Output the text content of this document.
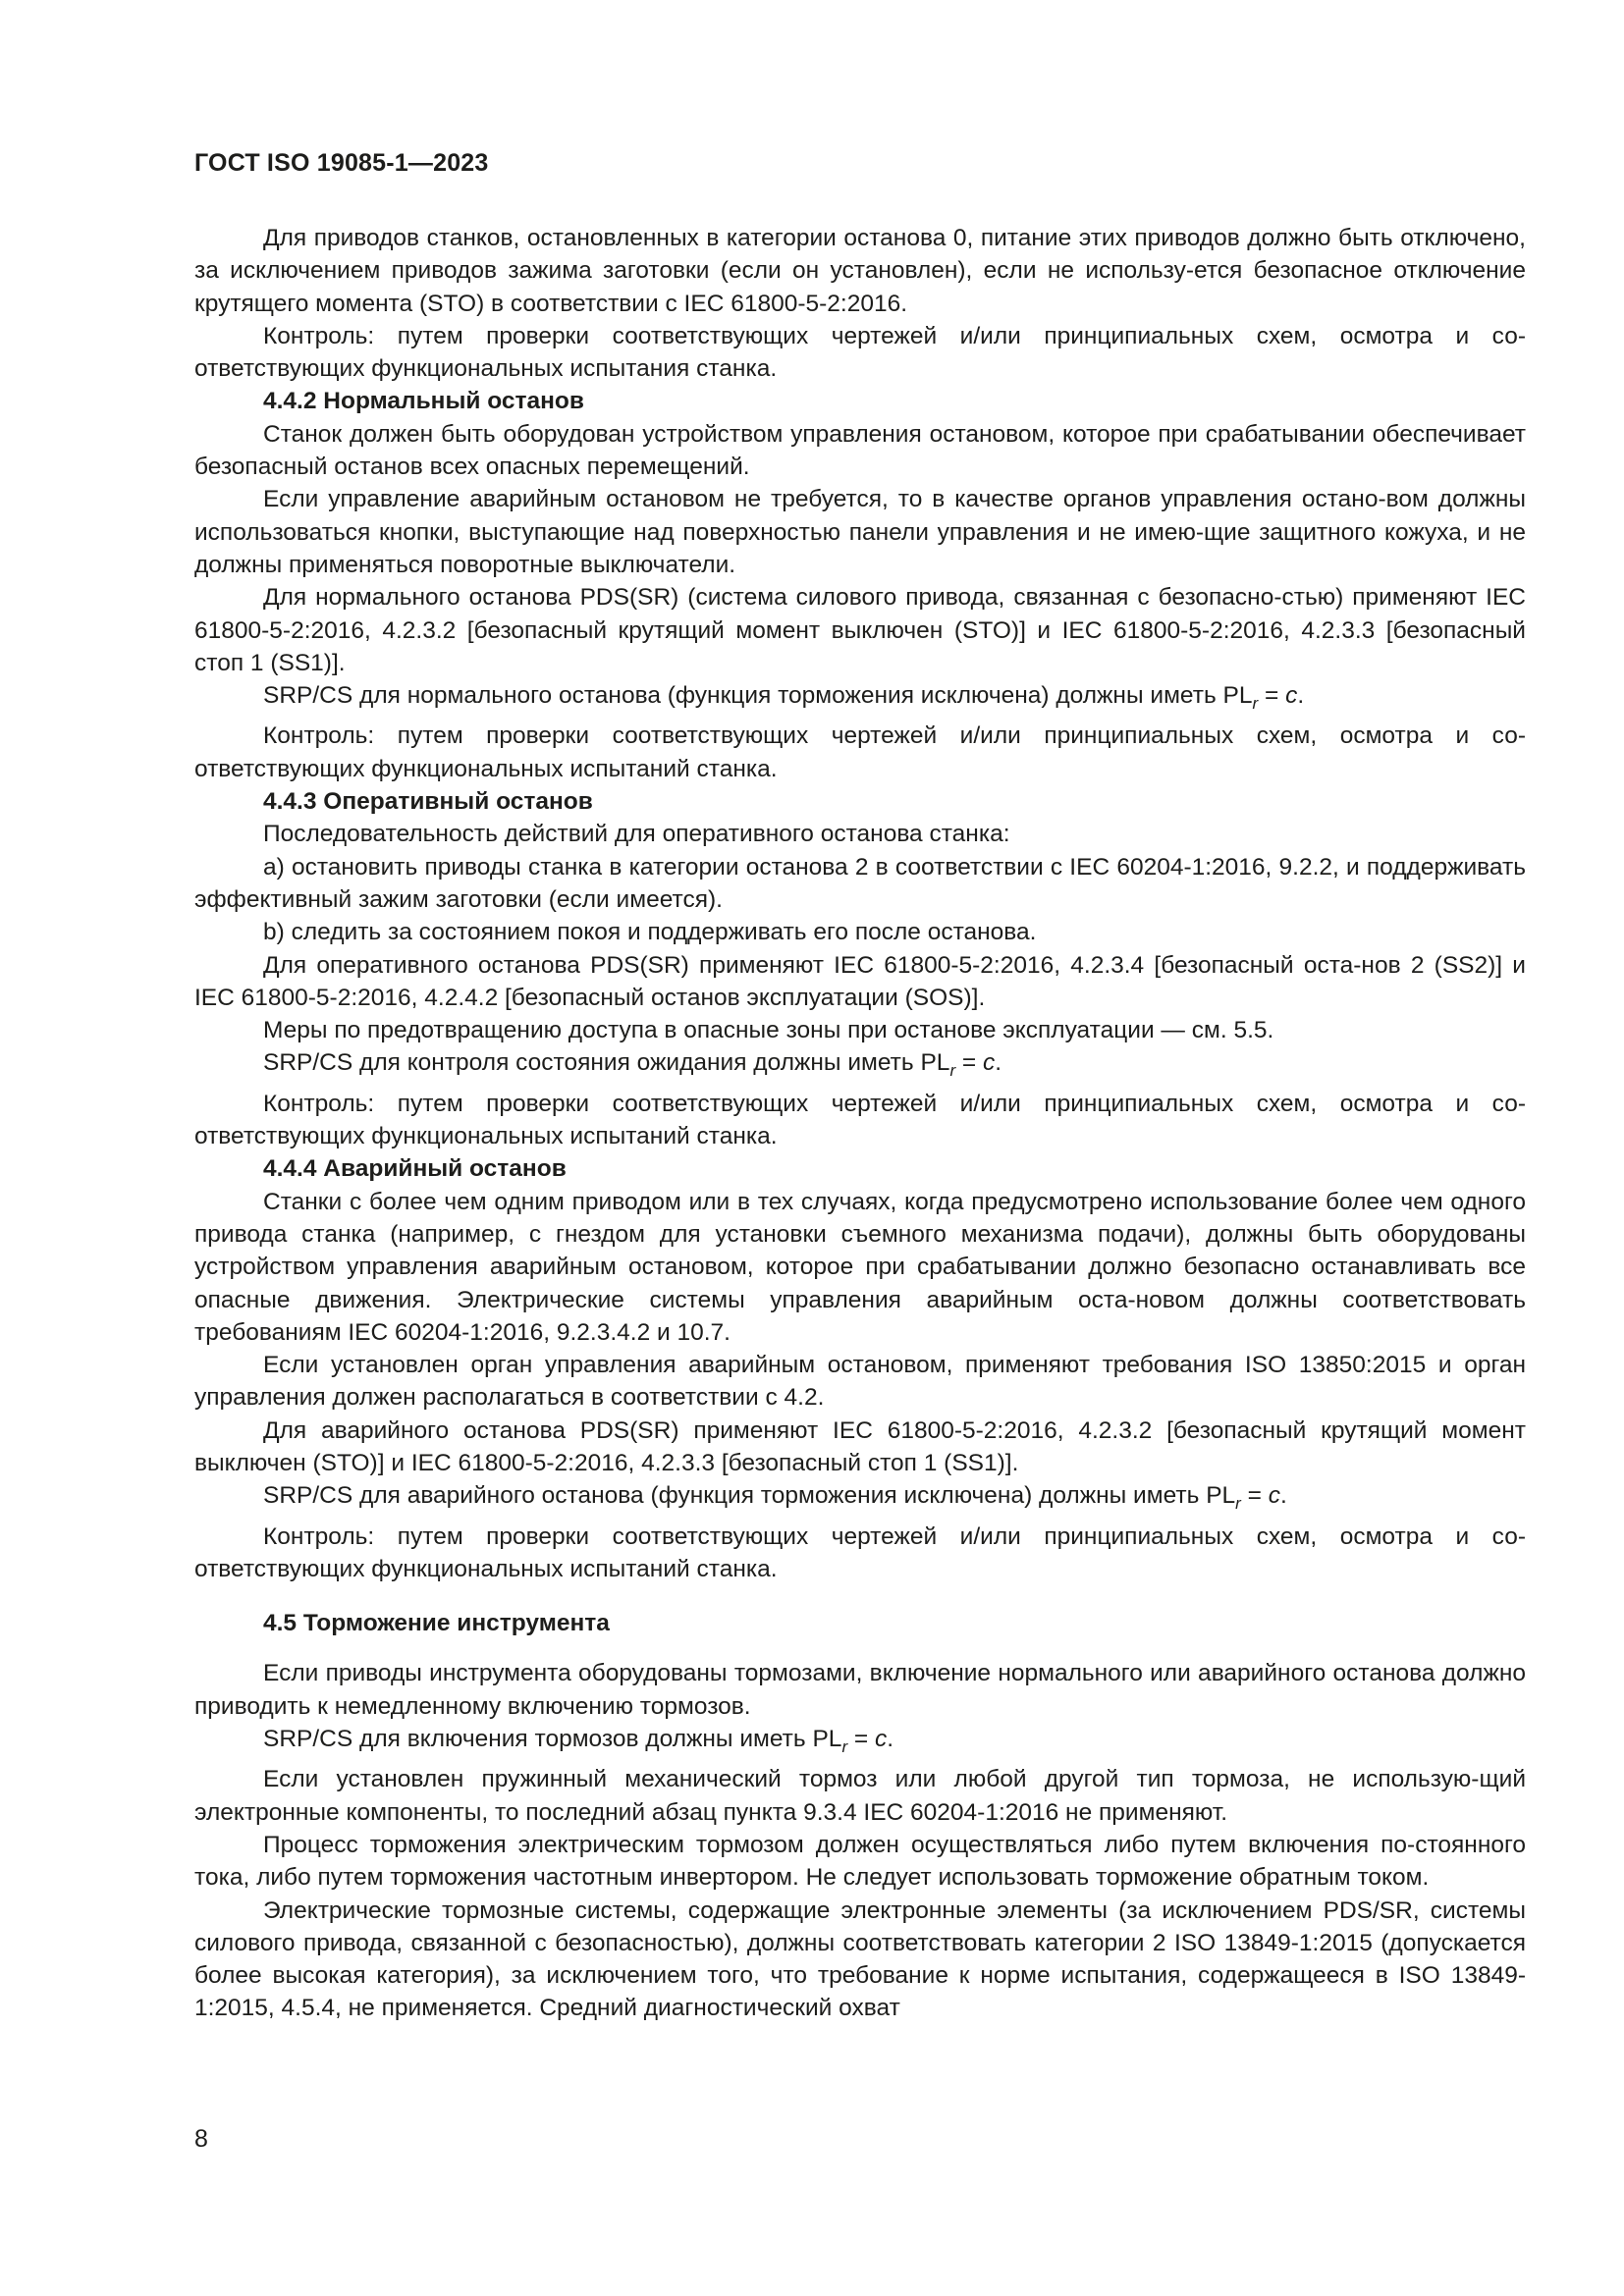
ГОСТ ISO 19085-1—2023

Для приводов станков, остановленных в категории останова 0, питание этих приводов должно быть отключено, за исключением приводов зажима заготовки (если он установлен), если не использу-ется безопасное отключение крутящего момента (STO) в соответствии с IEC 61800-5-2:2016.

Контроль: путем проверки соответствующих чертежей и/или принципиальных схем, осмотра и со-ответствующих функциональных испытания станка.

4.4.2 Нормальный останов

Станок должен быть оборудован устройством управления остановом, которое при срабатывании обеспечивает безопасный останов всех опасных перемещений.

Если управление аварийным остановом не требуется, то в качестве органов управления остано-вом должны использоваться кнопки, выступающие над поверхностью панели управления и не имею-щие защитного кожуха, и не должны применяться поворотные выключатели.

Для нормального останова PDS(SR) (система силового привода, связанная с безопасно-стью) применяют IEC 61800-5-2:2016, 4.2.3.2 [безопасный крутящий момент выключен (STO)] и IEC 61800-5-2:2016, 4.2.3.3 [безопасный стоп 1 (SS1)].

SRP/CS для нормального останова (функция торможения исключена) должны иметь $PL_r = c$.

Контроль: путем проверки соответствующих чертежей и/или принципиальных схем, осмотра и со-ответствующих функциональных испытаний станка.

4.4.3 Оперативный останов

Последовательность действий для оперативного останова станка:

a) остановить приводы станка в категории останова 2 в соответствии с IEC 60204-1:2016, 9.2.2, и поддерживать эффективный зажим заготовки (если имеется).

b) следить за состоянием покоя и поддерживать его после останова.

Для оперативного останова PDS(SR) применяют IEC 61800-5-2:2016, 4.2.3.4 [безопасный оста-нов 2 (SS2)] и IEC 61800-5-2:2016, 4.2.4.2 [безопасный останов эксплуатации (SOS)].

Меры по предотвращению доступа в опасные зоны при останове эксплуатации — см. 5.5.

SRP/CS для контроля состояния ожидания должны иметь $PL_r = c$.

Контроль: путем проверки соответствующих чертежей и/или принципиальных схем, осмотра и со-ответствующих функциональных испытаний станка.

4.4.4 Аварийный останов

Станки с более чем одним приводом или в тех случаях, когда предусмотрено использование более чем одного привода станка (например, с гнездом для установки съемного механизма подачи), должны быть оборудованы устройством управления аварийным остановом, которое при срабатывании должно безопасно останавливать все опасные движения. Электрические системы управления аварийным оста-новом должны соответствовать требованиям IEC 60204-1:2016, 9.2.3.4.2 и 10.7.

Если установлен орган управления аварийным остановом, применяют требования ISO 13850:2015 и орган управления должен располагаться в соответствии с 4.2.

Для аварийного останова PDS(SR) применяют IEC 61800-5-2:2016, 4.2.3.2 [безопасный крутящий момент выключен (STO)] и IEC 61800-5-2:2016, 4.2.3.3 [безопасный стоп 1 (SS1)].

SRP/CS для аварийного останова (функция торможения исключена) должны иметь $PL_r = c$.

Контроль: путем проверки соответствующих чертежей и/или принципиальных схем, осмотра и со-ответствующих функциональных испытаний станка.

4.5 Торможение инструмента

Если приводы инструмента оборудованы тормозами, включение нормального или аварийного останова должно приводить к немедленному включению тормозов.

SRP/CS для включения тормозов должны иметь $PL_r = c$.

Если установлен пружинный механический тормоз или любой другой тип тормоза, не использую-щий электронные компоненты, то последний абзац пункта 9.3.4 IEC 60204-1:2016 не применяют.

Процесс торможения электрическим тормозом должен осуществляться либо путем включения по-стоянного тока, либо путем торможения частотным инвертором. Не следует использовать торможение обратным током.

Электрические тормозные системы, содержащие электронные элементы (за исключением PDS/SR, системы силового привода, связанной с безопасностью), должны соответствовать категории 2 ISO 13849-1:2015 (допускается более высокая категория), за исключением того, что требование к норме испытания, содержащееся в ISO 13849-1:2015, 4.5.4, не применяется. Средний диагностический охват

8
